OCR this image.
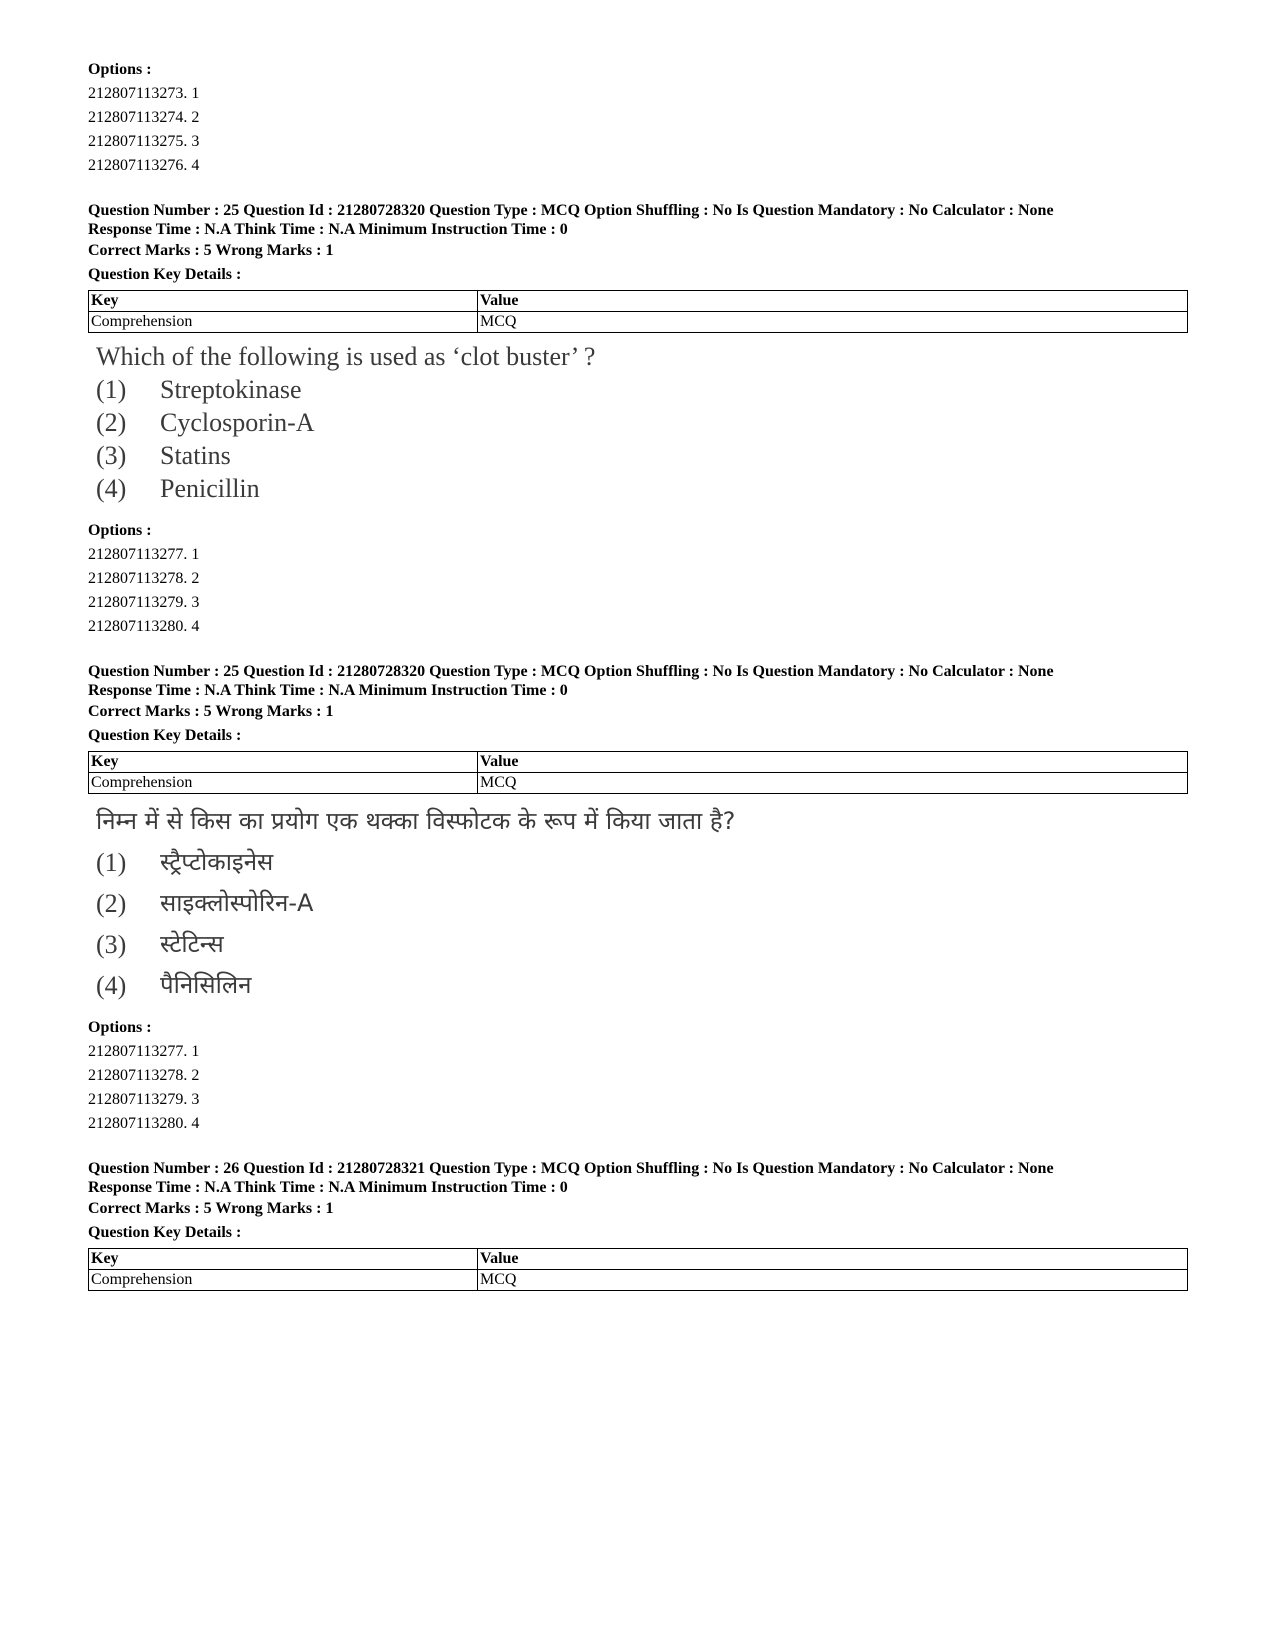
Options :
212807113273. 1
212807113274. 2
212807113275. 3
212807113276. 4
Question Number : 25 Question Id : 21280728320 Question Type : MCQ Option Shuffling : No Is Question Mandatory : No Calculator : None
Response Time : N.A Think Time : N.A Minimum Instruction Time : 0
Correct Marks : 5 Wrong Marks : 1
Question Key Details :
Key	Value
Comprehension	MCQ
Which of the following is used as ‘clot buster’ ?
(1)	Streptokinase
(2)	Cyclosporin-A
(3)	Statins
(4)	Penicillin
Options :
212807113277. 1
212807113278. 2
212807113279. 3
212807113280. 4
Question Number : 25 Question Id : 21280728320 Question Type : MCQ Option Shuffling : No Is Question Mandatory : No Calculator : None
Response Time : N.A Think Time : N.A Minimum Instruction Time : 0
Correct Marks : 5 Wrong Marks : 1
Question Key Details :
Key	Value
Comprehension	MCQ
निम्न में से किस का प्रयोग एक थक्का विस्फोटक के रूप में किया जाता है?
(1)	स्ट्रैप्टोकाइनेस
(2)	साइक्लोस्पोरिन-A
(3)	स्टेटिन्स
(4)	पैनिसिलिन
Options :
212807113277. 1
212807113278. 2
212807113279. 3
212807113280. 4
Question Number : 26 Question Id : 21280728321 Question Type : MCQ Option Shuffling : No Is Question Mandatory : No Calculator : None
Response Time : N.A Think Time : N.A Minimum Instruction Time : 0
Correct Marks : 5 Wrong Marks : 1
Question Key Details :
Key	Value
Comprehension	MCQ
